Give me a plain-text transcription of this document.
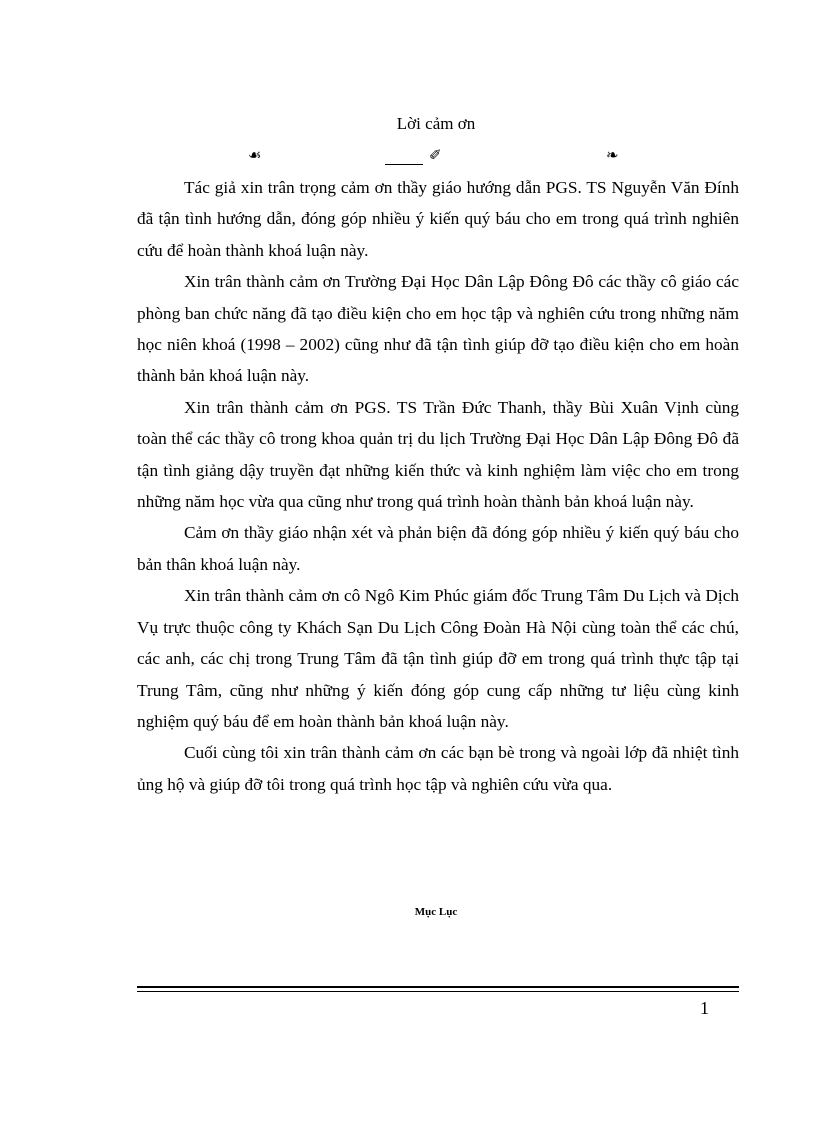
Lời cảm ơn
☙	✐	❧

Tác giả xin trân trọng cảm ơn thầy giáo hướng dẫn PGS. TS Nguyễn Văn Đính đã tận tình hướng dẫn, đóng góp nhiều ý kiến quý báu cho em trong quá trình nghiên cứu để hoàn thành khoá luận này.

Xin trân thành cảm ơn Trường Đại Học Dân Lập Đông Đô các thầy cô giáo các phòng ban chức năng đã tạo điều kiện cho em học tập và nghiên cứu trong những năm học niên khoá (1998 – 2002) cũng như đã tận tình giúp đỡ tạo điều kiện cho em hoàn thành bản khoá luận này.

Xin trân thành cảm ơn PGS. TS Trần Đức Thanh, thầy Bùi Xuân Vịnh cùng toàn thể các thầy cô trong khoa quản trị du lịch Trường Đại Học Dân Lập Đông Đô đã tận tình giảng dậy truyền đạt những kiến thức và kinh nghiệm làm việc cho em trong những năm học vừa qua cũng như trong quá trình hoàn thành bản khoá luận này.

Cảm ơn thầy giáo nhận xét và phản biện đã đóng góp nhiều ý kiến quý báu cho bản thân khoá luận này.

Xin trân thành cảm ơn cô Ngô Kim Phúc giám đốc Trung Tâm Du Lịch và Dịch Vụ trực thuộc công ty Khách Sạn Du Lịch Công Đoàn Hà Nội cùng toàn thể các chú, các anh, các chị trong Trung Tâm đã tận tình giúp đỡ em trong quá trình thực tập tại Trung Tâm, cũng như những ý kiến đóng góp cung cấp những tư liệu cùng kinh nghiệm quý báu để em hoàn thành bản khoá luận này.

Cuối cùng tôi xin trân thành cảm ơn các bạn bè trong và ngoài lớp đã nhiệt tình ủng hộ và giúp đỡ tôi trong quá trình học tập và nghiên cứu vừa qua.

Mục Lục
1
